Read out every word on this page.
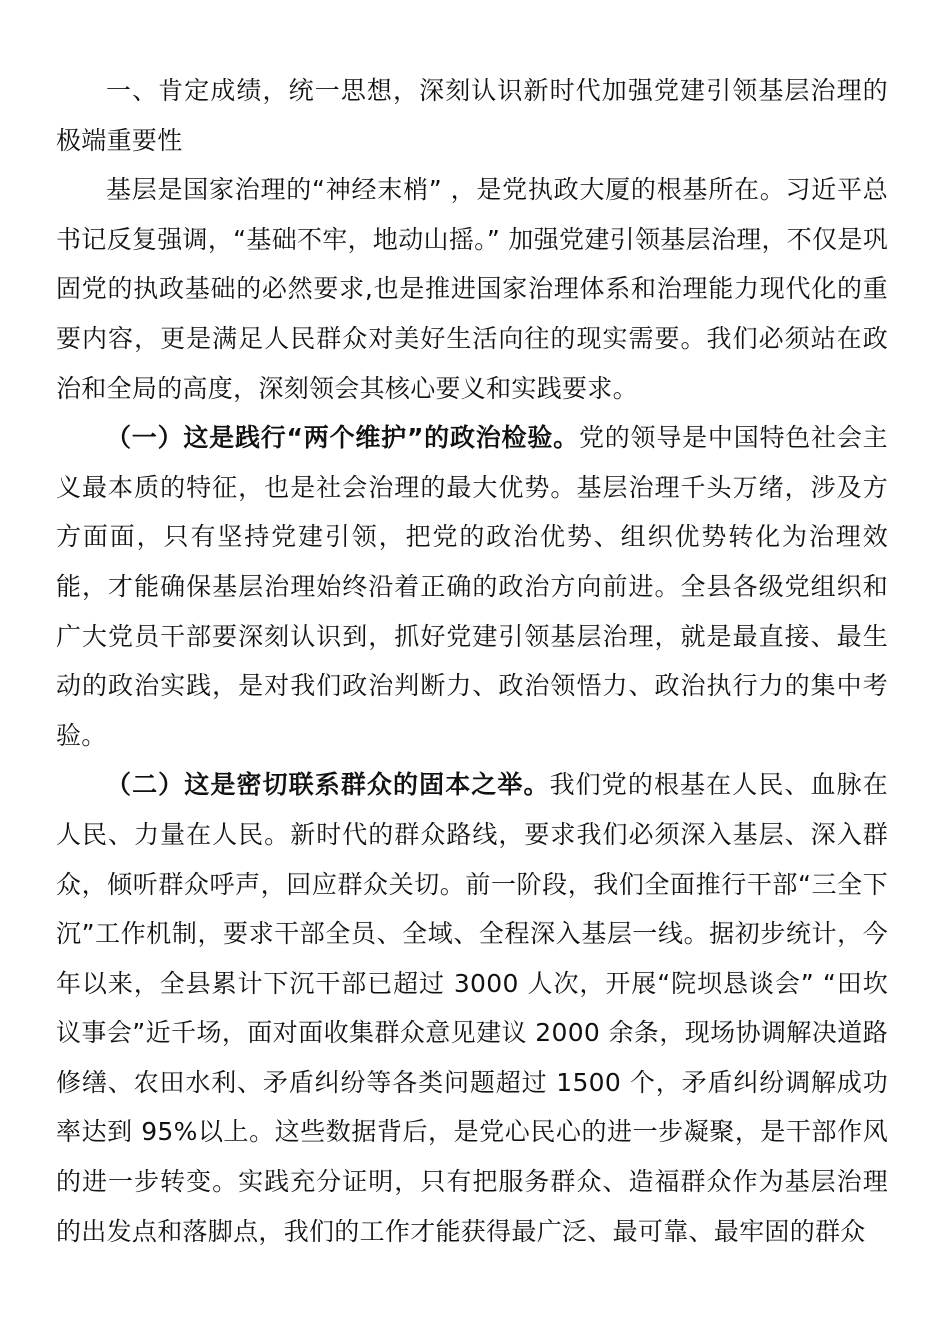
一、肯定成绩，统一思想，深刻认识新时代加强党建引领基层治理的极端重要性

基层是国家治理的“神经末梢” ，是党执政大厦的根基所在。习近平总书记反复强调，“基础不牢，地动山摇。” 加强党建引领基层治理，不仅是巩固党的执政基础的必然要求,也是推进国家治理体系和治理能力现代化的重要内容，更是满足人民群众对美好生活向往的现实需要。我们必须站在政治和全局的高度，深刻领会其核心要义和实践要求。

（一）这是践行“两个维护”的政治检验。党的领导是中国特色社会主义最本质的特征，也是社会治理的最大优势。基层治理千头万绪，涉及方方面面，只有坚持党建引领，把党的政治优势、组织优势转化为治理效能，才能确保基层治理始终沿着正确的政治方向前进。全县各级党组织和广大党员干部要深刻认识到，抓好党建引领基层治理，就是最直接、最生动的政治实践，是对我们政治判断力、政治领悟力、政治执行力的集中考验。

（二）这是密切联系群众的固本之举。我们党的根基在人民、血脉在人民、力量在人民。新时代的群众路线，要求我们必须深入基层、深入群众，倾听群众呼声，回应群众关切。前一阶段，我们全面推行干部“三全下沉”工作机制，要求干部全员、全域、全程深入基层一线。据初步统计，今年以来，全县累计下沉干部已超过 3000 人次，开展“院坝恳谈会” “田坎议事会”近千场，面对面收集群众意见建议 2000 余条，现场协调解决道路修缮、农田水利、矛盾纠纷等各类问题超过 1500 个，矛盾纠纷调解成功率达到 95%以上。这些数据背后，是党心民心的进一步凝聚，是干部作风的进一步转变。实践充分证明，只有把服务群众、造福群众作为基层治理的出发点和落脚点，我们的工作才能获得最广泛、最可靠、最牢固的群众
